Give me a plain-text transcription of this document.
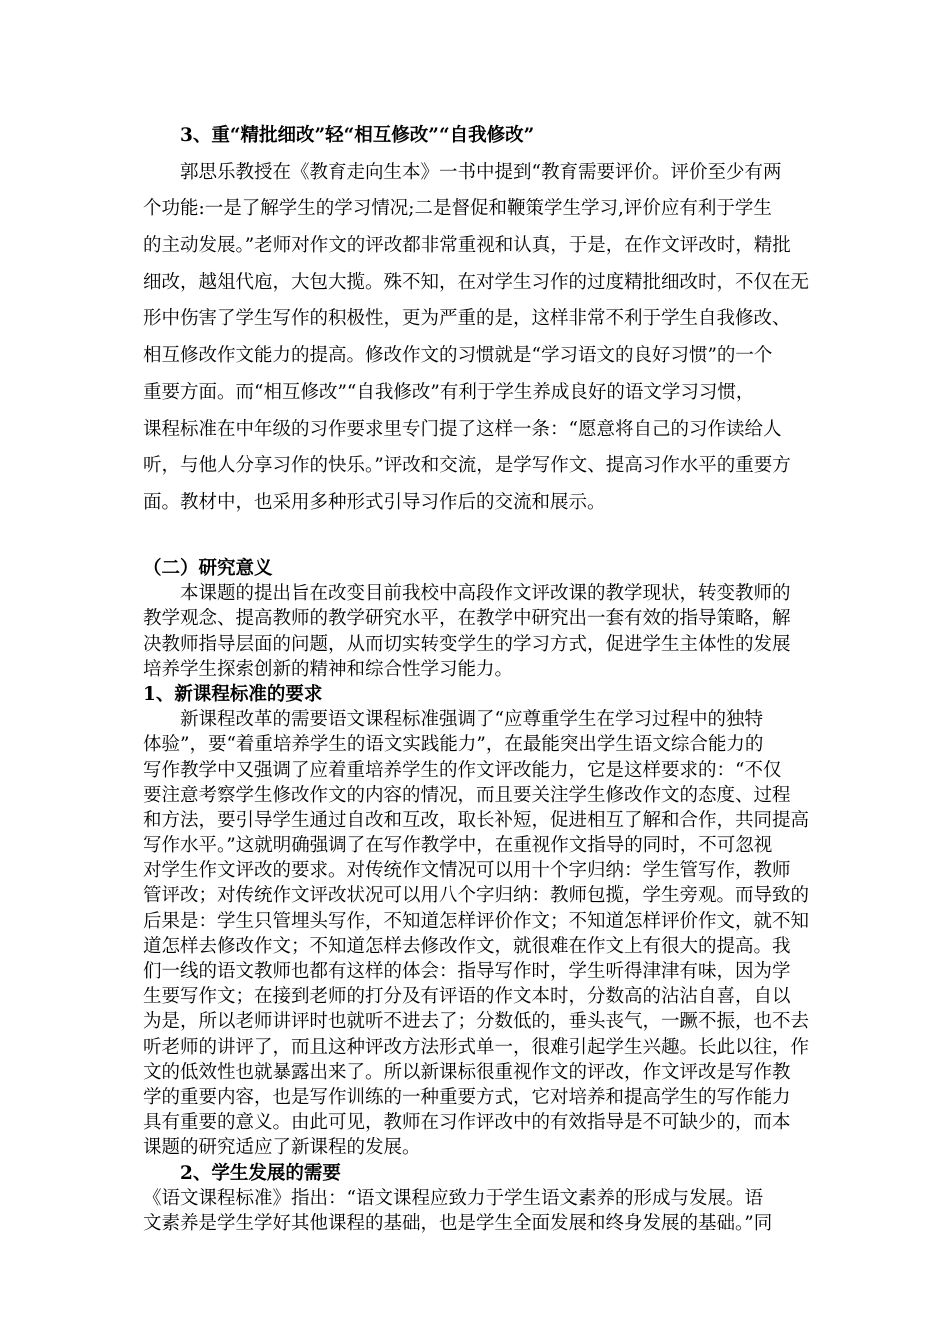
3、重“精批细改”轻“相互修改”“自我修改”
郭思乐教授在《教育走向生本》一书中提到“教育需要评价。评价至少有两
个功能:一是了解学生的学习情况;二是督促和鞭策学生学习,评价应有利于学生
的主动发展。”老师对作文的评改都非常重视和认真，于是，在作文评改时，精批
细改，越俎代庖，大包大揽。殊不知，在对学生习作的过度精批细改时，不仅在无
形中伤害了学生写作的积极性，更为严重的是，这样非常不利于学生自我修改、
相互修改作文能力的提高。修改作文的习惯就是“学习语文的良好习惯”的一个
重要方面。而“相互修改”“自我修改”有利于学生养成良好的语文学习习惯，
课程标准在中年级的习作要求里专门提了这样一条：“愿意将自己的习作读给人
听，与他人分享习作的快乐。”评改和交流，是学写作文、提高习作水平的重要方
面。教材中，也采用多种形式引导习作后的交流和展示。
（二）研究意义
本课题的提出旨在改变目前我校中高段作文评改课的教学现状，转变教师的
教学观念、提高教师的教学研究水平，在教学中研究出一套有效的指导策略，解
决教师指导层面的问题，从而切实转变学生的学习方式，促进学生主体性的发展
培养学生探索创新的精神和综合性学习能力。
1、新课程标准的要求
新课程改革的需要语文课程标准强调了“应尊重学生在学习过程中的独特
体验”，要“着重培养学生的语文实践能力”，在最能突出学生语文综合能力的
写作教学中又强调了应着重培养学生的作文评改能力，它是这样要求的：“不仅
要注意考察学生修改作文的内容的情况，而且要关注学生修改作文的态度、过程
和方法，要引导学生通过自改和互改，取长补短，促进相互了解和合作，共同提高
写作水平。”这就明确强调了在写作教学中，在重视作文指导的同时，不可忽视
对学生作文评改的要求。对传统作文情况可以用十个字归纳：学生管写作，教师
管评改；对传统作文评改状况可以用八个字归纳：教师包揽，学生旁观。而导致的
后果是：学生只管埋头写作，不知道怎样评价作文；不知道怎样评价作文，就不知
道怎样去修改作文；不知道怎样去修改作文，就很难在作文上有很大的提高。我
们一线的语文教师也都有这样的体会：指导写作时，学生听得津津有味，因为学
生要写作文；在接到老师的打分及有评语的作文本时，分数高的沾沾自喜，自以
为是，所以老师讲评时也就听不进去了；分数低的，垂头丧气，一蹶不振，也不去
听老师的讲评了，而且这种评改方法形式单一，很难引起学生兴趣。长此以往，作
文的低效性也就暴露出来了。所以新课标很重视作文的评改，作文评改是写作教
学的重要内容，也是写作训练的一种重要方式，它对培养和提高学生的写作能力
具有重要的意义。由此可见，教师在习作评改中的有效指导是不可缺少的，而本
课题的研究适应了新课程的发展。
2、学生发展的需要
《语文课程标准》指出：“语文课程应致力于学生语文素养的形成与发展。语
文素养是学生学好其他课程的基础，也是学生全面发展和终身发展的基础。”同
